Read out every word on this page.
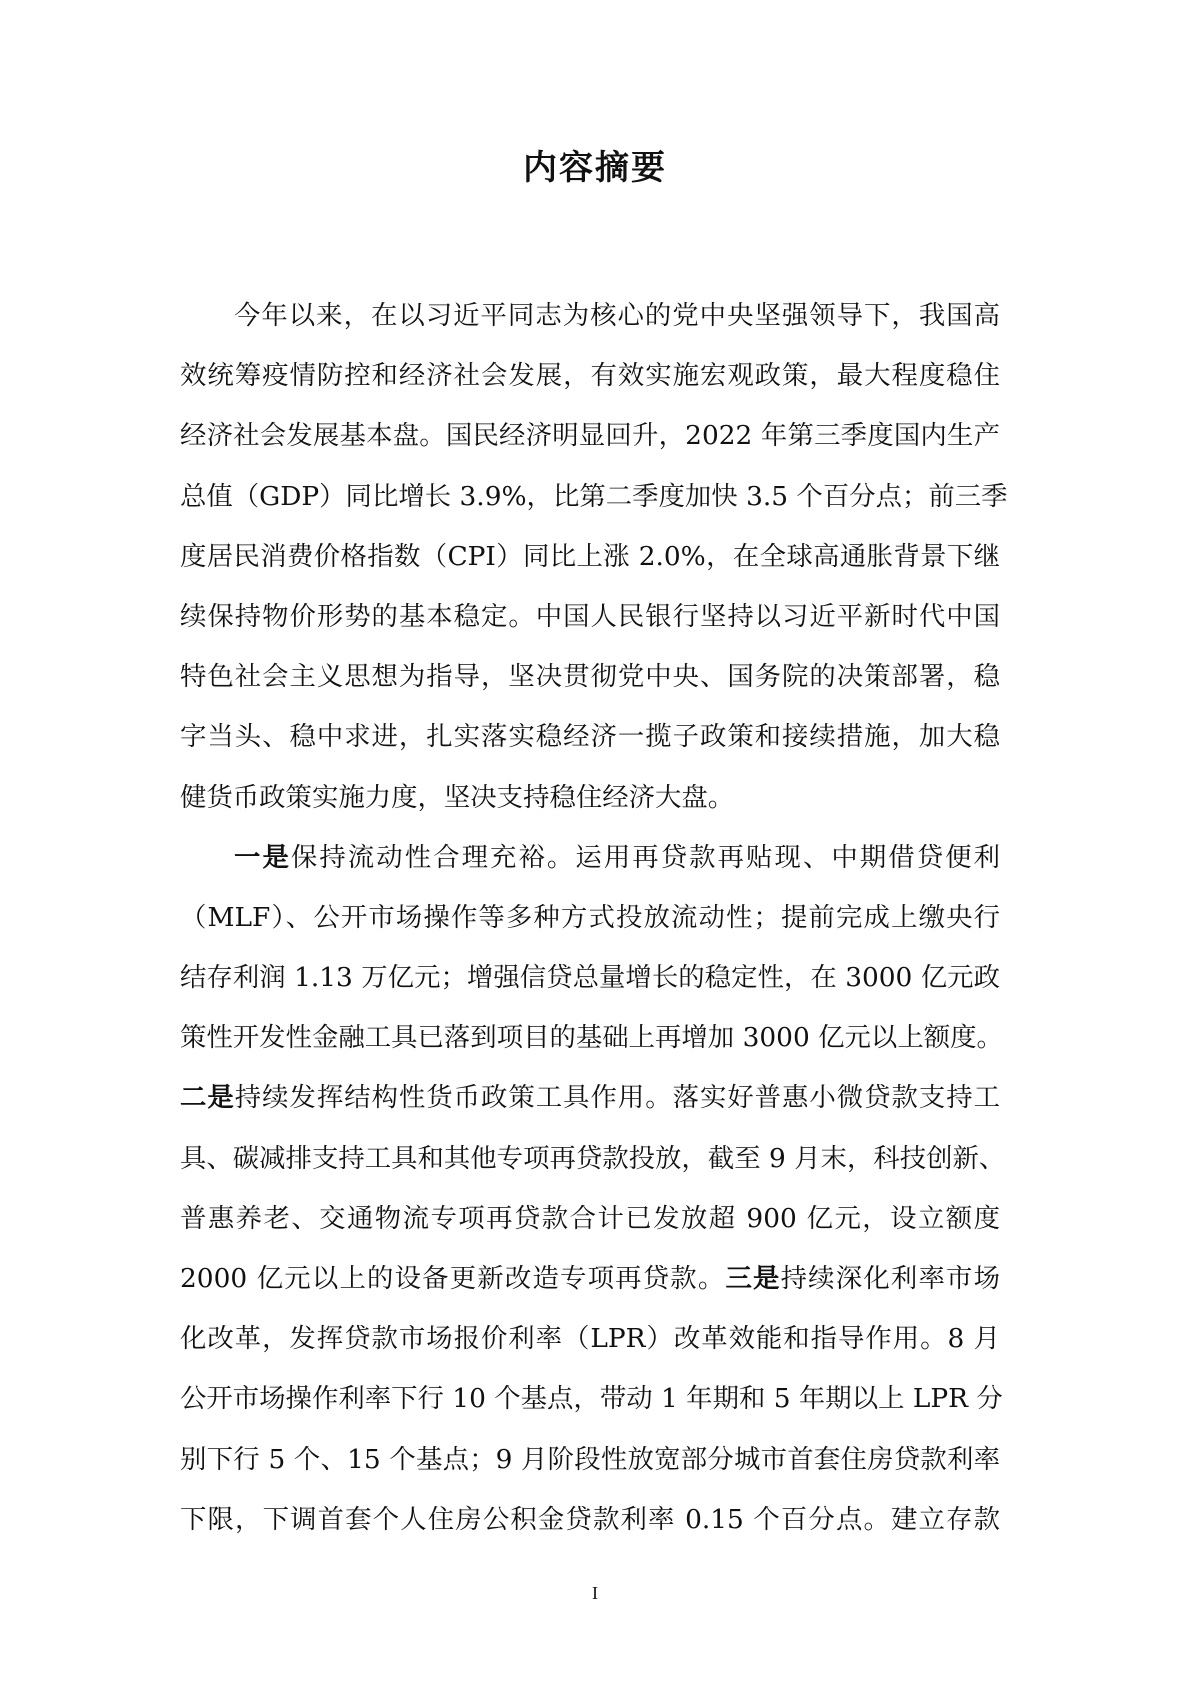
内容摘要
今年以来，在以习近平同志为核心的党中央坚强领导下，我国高
效统筹疫情防控和经济社会发展，有效实施宏观政策，最大程度稳住
经济社会发展基本盘。国民经济明显回升，2022 年第三季度国内生产
总值（GDP）同比增长 3.9%，比第二季度加快 3.5 个百分点；前三季
度居民消费价格指数（CPI）同比上涨 2.0%，在全球高通胀背景下继
续保持物价形势的基本稳定。中国人民银行坚持以习近平新时代中国
特色社会主义思想为指导，坚决贯彻党中央、国务院的决策部署，稳
字当头、稳中求进，扎实落实稳经济一揽子政策和接续措施，加大稳
健货币政策实施力度，坚决支持稳住经济大盘。
一是保持流动性合理充裕。运用再贷款再贴现、中期借贷便利
（MLF）、公开市场操作等多种方式投放流动性；提前完成上缴央行
结存利润 1.13 万亿元；增强信贷总量增长的稳定性，在 3000 亿元政
策性开发性金融工具已落到项目的基础上再增加 3000 亿元以上额度。
二是持续发挥结构性货币政策工具作用。落实好普惠小微贷款支持工
具、碳减排支持工具和其他专项再贷款投放，截至 9 月末，科技创新、
普惠养老、交通物流专项再贷款合计已发放超 900 亿元，设立额度
2000 亿元以上的设备更新改造专项再贷款。三是持续深化利率市场
化改革，发挥贷款市场报价利率（LPR）改革效能和指导作用。8 月
公开市场操作利率下行 10 个基点，带动 1 年期和 5 年期以上 LPR 分
别下行 5 个、15 个基点；9 月阶段性放宽部分城市首套住房贷款利率
下限，下调首套个人住房公积金贷款利率 0.15 个百分点。建立存款
I
